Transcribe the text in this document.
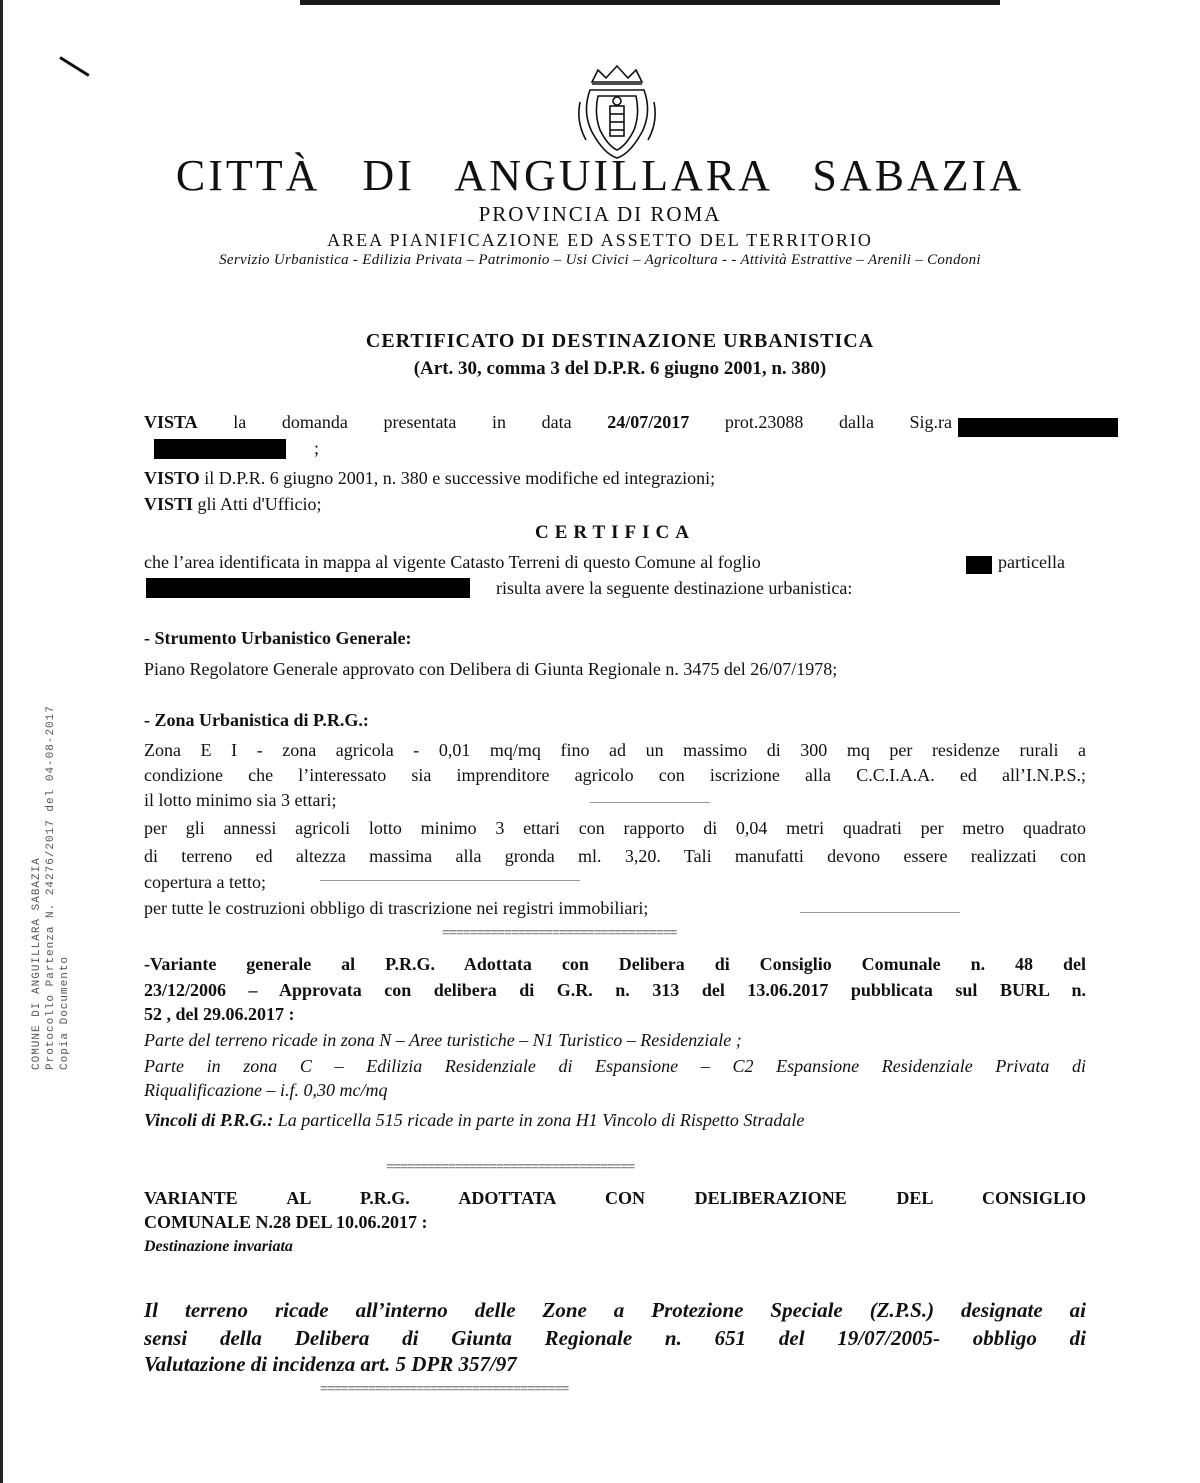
CITTÀ DI ANGUILLARA SABAZIA
PROVINCIA DI ROMA
AREA PIANIFICAZIONE ED ASSETTO DEL TERRITORIO
Servizio Urbanistica - Edilizia Privata – Patrimonio – Usi Civici – Agricoltura - - Attività Estrattive – Arenili – Condoni
CERTIFICATO DI DESTINAZIONE URBANISTICA
(Art. 30, comma 3 del D.P.R. 6 giugno 2001, n. 380)
VISTA la domanda presentata in data 24/07/2017 prot.23088 dalla Sig.ra
;
VISTO il D.P.R. 6 giugno 2001, n. 380 e successive modifiche ed integrazioni;
VISTI gli Atti d'Ufficio;
CERTIFICA
che l’area identificata in mappa al vigente Catasto Terreni di questo Comune al foglio	particella
risulta avere la seguente destinazione urbanistica:
- Strumento Urbanistico Generale:
Piano Regolatore Generale approvato con Delibera di Giunta Regionale n. 3475 del 26/07/1978;
- Zona Urbanistica di P.R.G.:
Zona E I - zona agricola - 0,01 mq/mq fino ad un massimo di 300 mq per residenze rurali a
condizione che l’interessato sia imprenditore agricolo con iscrizione alla C.C.I.A.A. ed all’I.N.P.S.;
il lotto minimo sia 3 ettari;
per gli annessi agricoli lotto minimo 3 ettari con rapporto di 0,04 metri quadrati per metro quadrato
di terreno ed altezza massima alla gronda ml. 3,20. Tali manufatti devono essere realizzati con
copertura a tetto;
per tutte le costruzioni obbligo di trascrizione nei registri immobiliari;
==================================
-Variante generale al P.R.G. Adottata con Delibera di Consiglio Comunale n. 48 del
23/12/2006 – Approvata con delibera di G.R. n. 313 del 13.06.2017 pubblicata sul BURL n.
52 , del 29.06.2017 :
Parte del terreno ricade in zona N – Aree turistiche – N1 Turistico – Residenziale ;
Parte in zona C – Edilizia Residenziale di Espansione – C2 Espansione Residenziale Privata di
Riqualificazione – i.f. 0,30 mc/mq
Vincoli di P.R.G.: La particella 515 ricade in parte in zona H1 Vincolo di Rispetto Stradale
====================================
VARIANTE AL P.R.G. ADOTTATA CON DELIBERAZIONE DEL CONSIGLIO
COMUNALE N.28 DEL 10.06.2017 :
Destinazione invariata
Il terreno ricade all’interno delle Zone a Protezione Speciale (Z.P.S.) designate ai
sensi della Delibera di Giunta Regionale n. 651 del 19/07/2005- obbligo di
Valutazione di incidenza art. 5 DPR 357/97
====================================
COMUNE DI ANGUILLARA SABAZIA Protocollo Partenza N. 24276/2017 del 04-08-2017 Copia Documento
